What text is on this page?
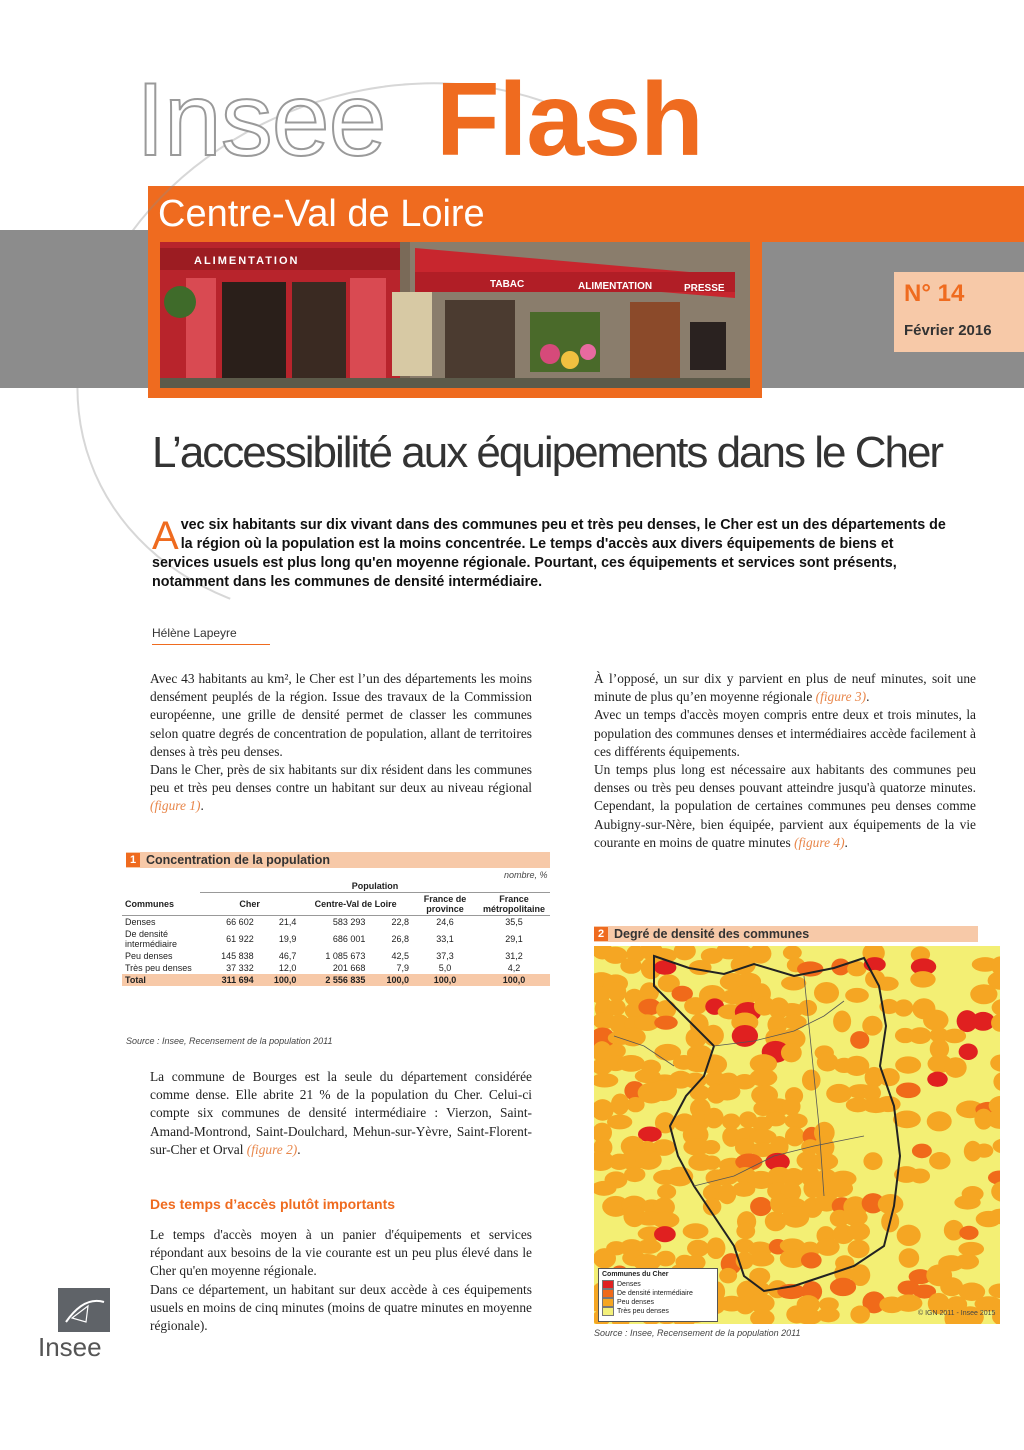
Insee Flash
Centre-Val de Loire
ALIMENTATION
TABAC	ALIMENTATION	PRESSE	N° 14
Février 2016
L’accessibilité aux équipements dans le Cher
Avec six habitants sur dix vivant dans des communes peu et très peu denses, le Cher est un des départements de la région où la population est la moins concentrée. Le temps d'accès aux divers équipements de biens et services usuels est plus long qu'en moyenne régionale. Pourtant, ces équipements et services sont présents, notamment dans les communes de densité intermédiaire.
Hélène Lapeyre

Avec 43 habitants au km², le Cher est l’un des départements les moins densément peuplés de la région. Issue des travaux de la Commission européenne, une grille de densité permet de classer les communes selon quatre degrés de concentration de population, allant de territoires denses à très peu denses.

Dans le Cher, près de six habitants sur dix résident dans les communes peu et très peu denses contre un habitant sur deux au niveau régional (figure 1).

1 Concentration de la population
nombre, %
	Population					
Communes	Cher		Centre-Val de Loire		France de province	France métropolitaine
Denses	66 602	21,4	583 293	22,8	24,6	35,5
De densité intermédiaire	61 922	19,9	686 001	26,8	33,1	29,1
Peu denses	145 838	46,7	1 085 673	42,5	37,3	31,2
Très peu denses	37 332	12,0	201 668	7,9	5,0	4,2
Total	311 694	100,0	2 556 835	100,0	100,0	100,0
Source : Insee, Recensement de la population 2011

La commune de Bourges est la seule du département considérée comme dense. Elle abrite 21 % de la population du Cher. Celui-ci compte six communes de densité intermédiaire : Vierzon, Saint-Amand-Montrond, Saint-Doulchard, Mehun-sur-Yèvre, Saint-Florent-sur-Cher et Orval (figure 2).

Des temps d’accès plutôt importants

Le temps d'accès moyen à un panier d'équipements et services répondant aux besoins de la vie courante est un peu plus élevé dans le Cher qu'en moyenne régionale.

Dans ce département, un habitant sur deux accède à ces équipements usuels en moins de cinq minutes (moins de quatre minutes en moyenne régionale).

À l’opposé, un sur dix y parvient en plus de neuf minutes, soit une minute de plus qu’en moyenne régionale (figure 3).

Avec un temps d'accès moyen compris entre deux et trois minutes, la population des communes denses et intermédiaires accède facilement à ces différents équipements.

Un temps plus long est nécessaire aux habitants des communes peu denses ou très peu denses pouvant atteindre jusqu'à quatorze minutes. Cependant, la population de certaines communes peu denses comme Aubigny-sur-Nère, bien équipée, parvient aux équipements de la vie courante en moins de quatre minutes (figure 4).

2 Degré de densité des communes
Communes du Cher
Denses
De densité intermédiaire
Peu denses
Très peu denses	© IGN 2011 - Insee 2015
Source : Insee, Recensement de la population 2011
Insee
